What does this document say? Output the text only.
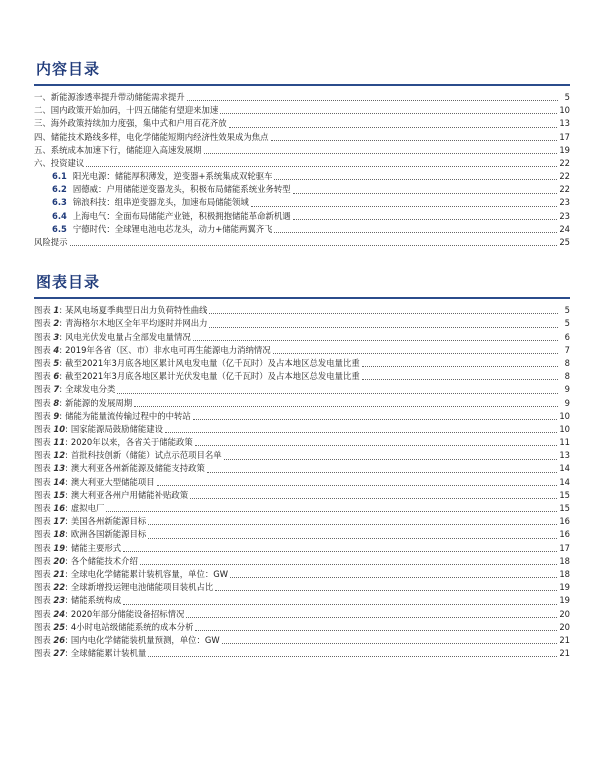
内容目录
一、新能源渗透率提升带动储能需求提升	5
二、国内政策开始加码，十四五储能有望迎来加速	10
三、海外政策持续加力度强，集中式和户用百花齐放	13
四、储能技术路线多样，电化学储能短期内经济性效果成为焦点	17
五、系统成本加速下行，储能迎入高速发展期	19
六、投资建议	22
6.1 阳光电源：储能厚积薄发，逆变器+系统集成双轮驱车	22
6.2 固德威：户用储能逆变器龙头，积极布局储能系统业务转型	22
6.3 锦浪科技：组串逆变器龙头，加速布局储能领域	23
6.4 上海电气：全面布局储能产业链，积极拥抱储能革命新机遇	23
6.5 宁德时代：全球锂电池电芯龙头，动力+储能两翼齐飞	24
风险提示	25
图表目录
图表 1: 某风电场夏季典型日出力负荷特性曲线	5
图表 2: 青海格尔木地区全年平均逐时并网出力	5
图表 3: 风电光伏发电量占全部发电量情况	6
图表 4: 2019年各省（区、市）非水电可再生能源电力消纳情况	7
图表 5: 截至2021年3月底各地区累计风电发电量（亿千瓦时）及占本地区总发电量比重	8
图表 6: 截至2021年3月底各地区累计光伏发电量（亿千瓦时）及占本地区总发电量比重	8
图表 7: 全球发电分类	9
图表 8: 新能源的发展周期	9
图表 9: 储能为能量流传输过程中的中转站	10
图表 10: 国家能源局鼓励储能建设	10
图表 11: 2020年以来，各省关于储能政策	11
图表 12: 首批科技创新（储能）试点示范项目名单	13
图表 13: 澳大利亚各州新能源及储能支持政策	14
图表 14: 澳大利亚大型储能项目	14
图表 15: 澳大利亚各州户用储能补贴政策	15
图表 16: 虚拟电厂	15
图表 17: 美国各州新能源目标	16
图表 18: 欧洲各国新能源目标	16
图表 19: 储能主要形式	17
图表 20: 各个储能技术介绍	18
图表 21: 全球电化学储能累计装机容量，单位：GW	18
图表 22: 全球新增投运锂电池储能项目装机占比	19
图表 23: 储能系统构成	19
图表 24: 2020年部分储能设备招标情况	20
图表 25: 4小时电站级储能系统的成本分析	20
图表 26: 国内电化学储能装机量预测，单位：GW	21
图表 27: 全球储能累计装机量	21
